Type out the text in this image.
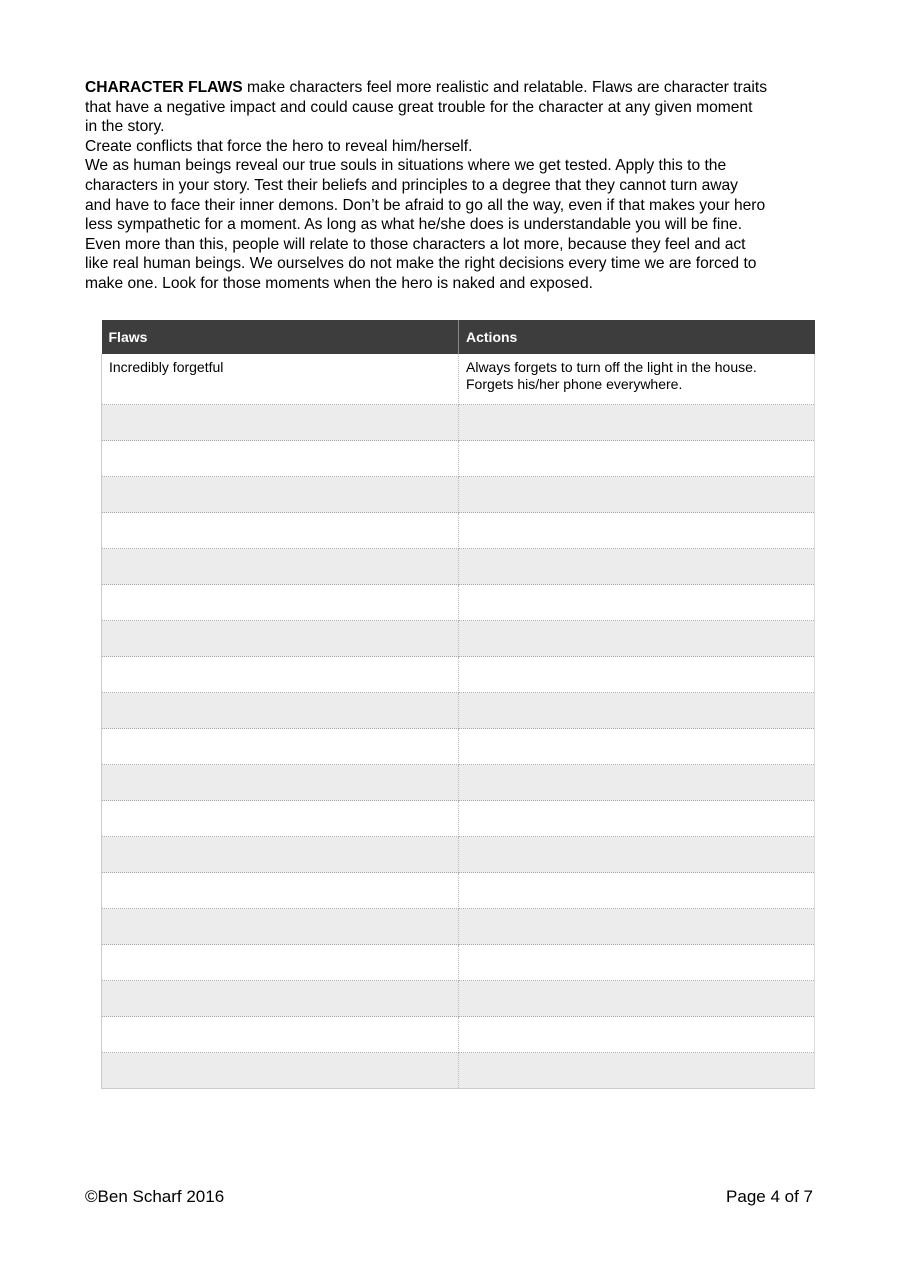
CHARACTER FLAWS make characters feel more realistic and relatable. Flaws are character traits
that have a negative impact and could cause great trouble for the character at any given moment
in the story.
Create conflicts that force the hero to reveal him/herself.
We as human beings reveal our true souls in situations where we get tested. Apply this to the
characters in your story. Test their beliefs and principles to a degree that they cannot turn away
and have to face their inner demons. Don’t be afraid to go all the way, even if that makes your hero
less sympathetic for a moment. As long as what he/she does is understandable you will be fine.
Even more than this, people will relate to those characters a lot more, because they feel and act
like real human beings. We ourselves do not make the right decisions every time we are forced to
make one. Look for those moments when the hero is naked and exposed.
Flaws	Actions
Incredibly forgetful	Always forgets to turn off the light in the house.
Forgets his/her phone everywhere.

©Ben Scharf 2016	Page 4 of 7
